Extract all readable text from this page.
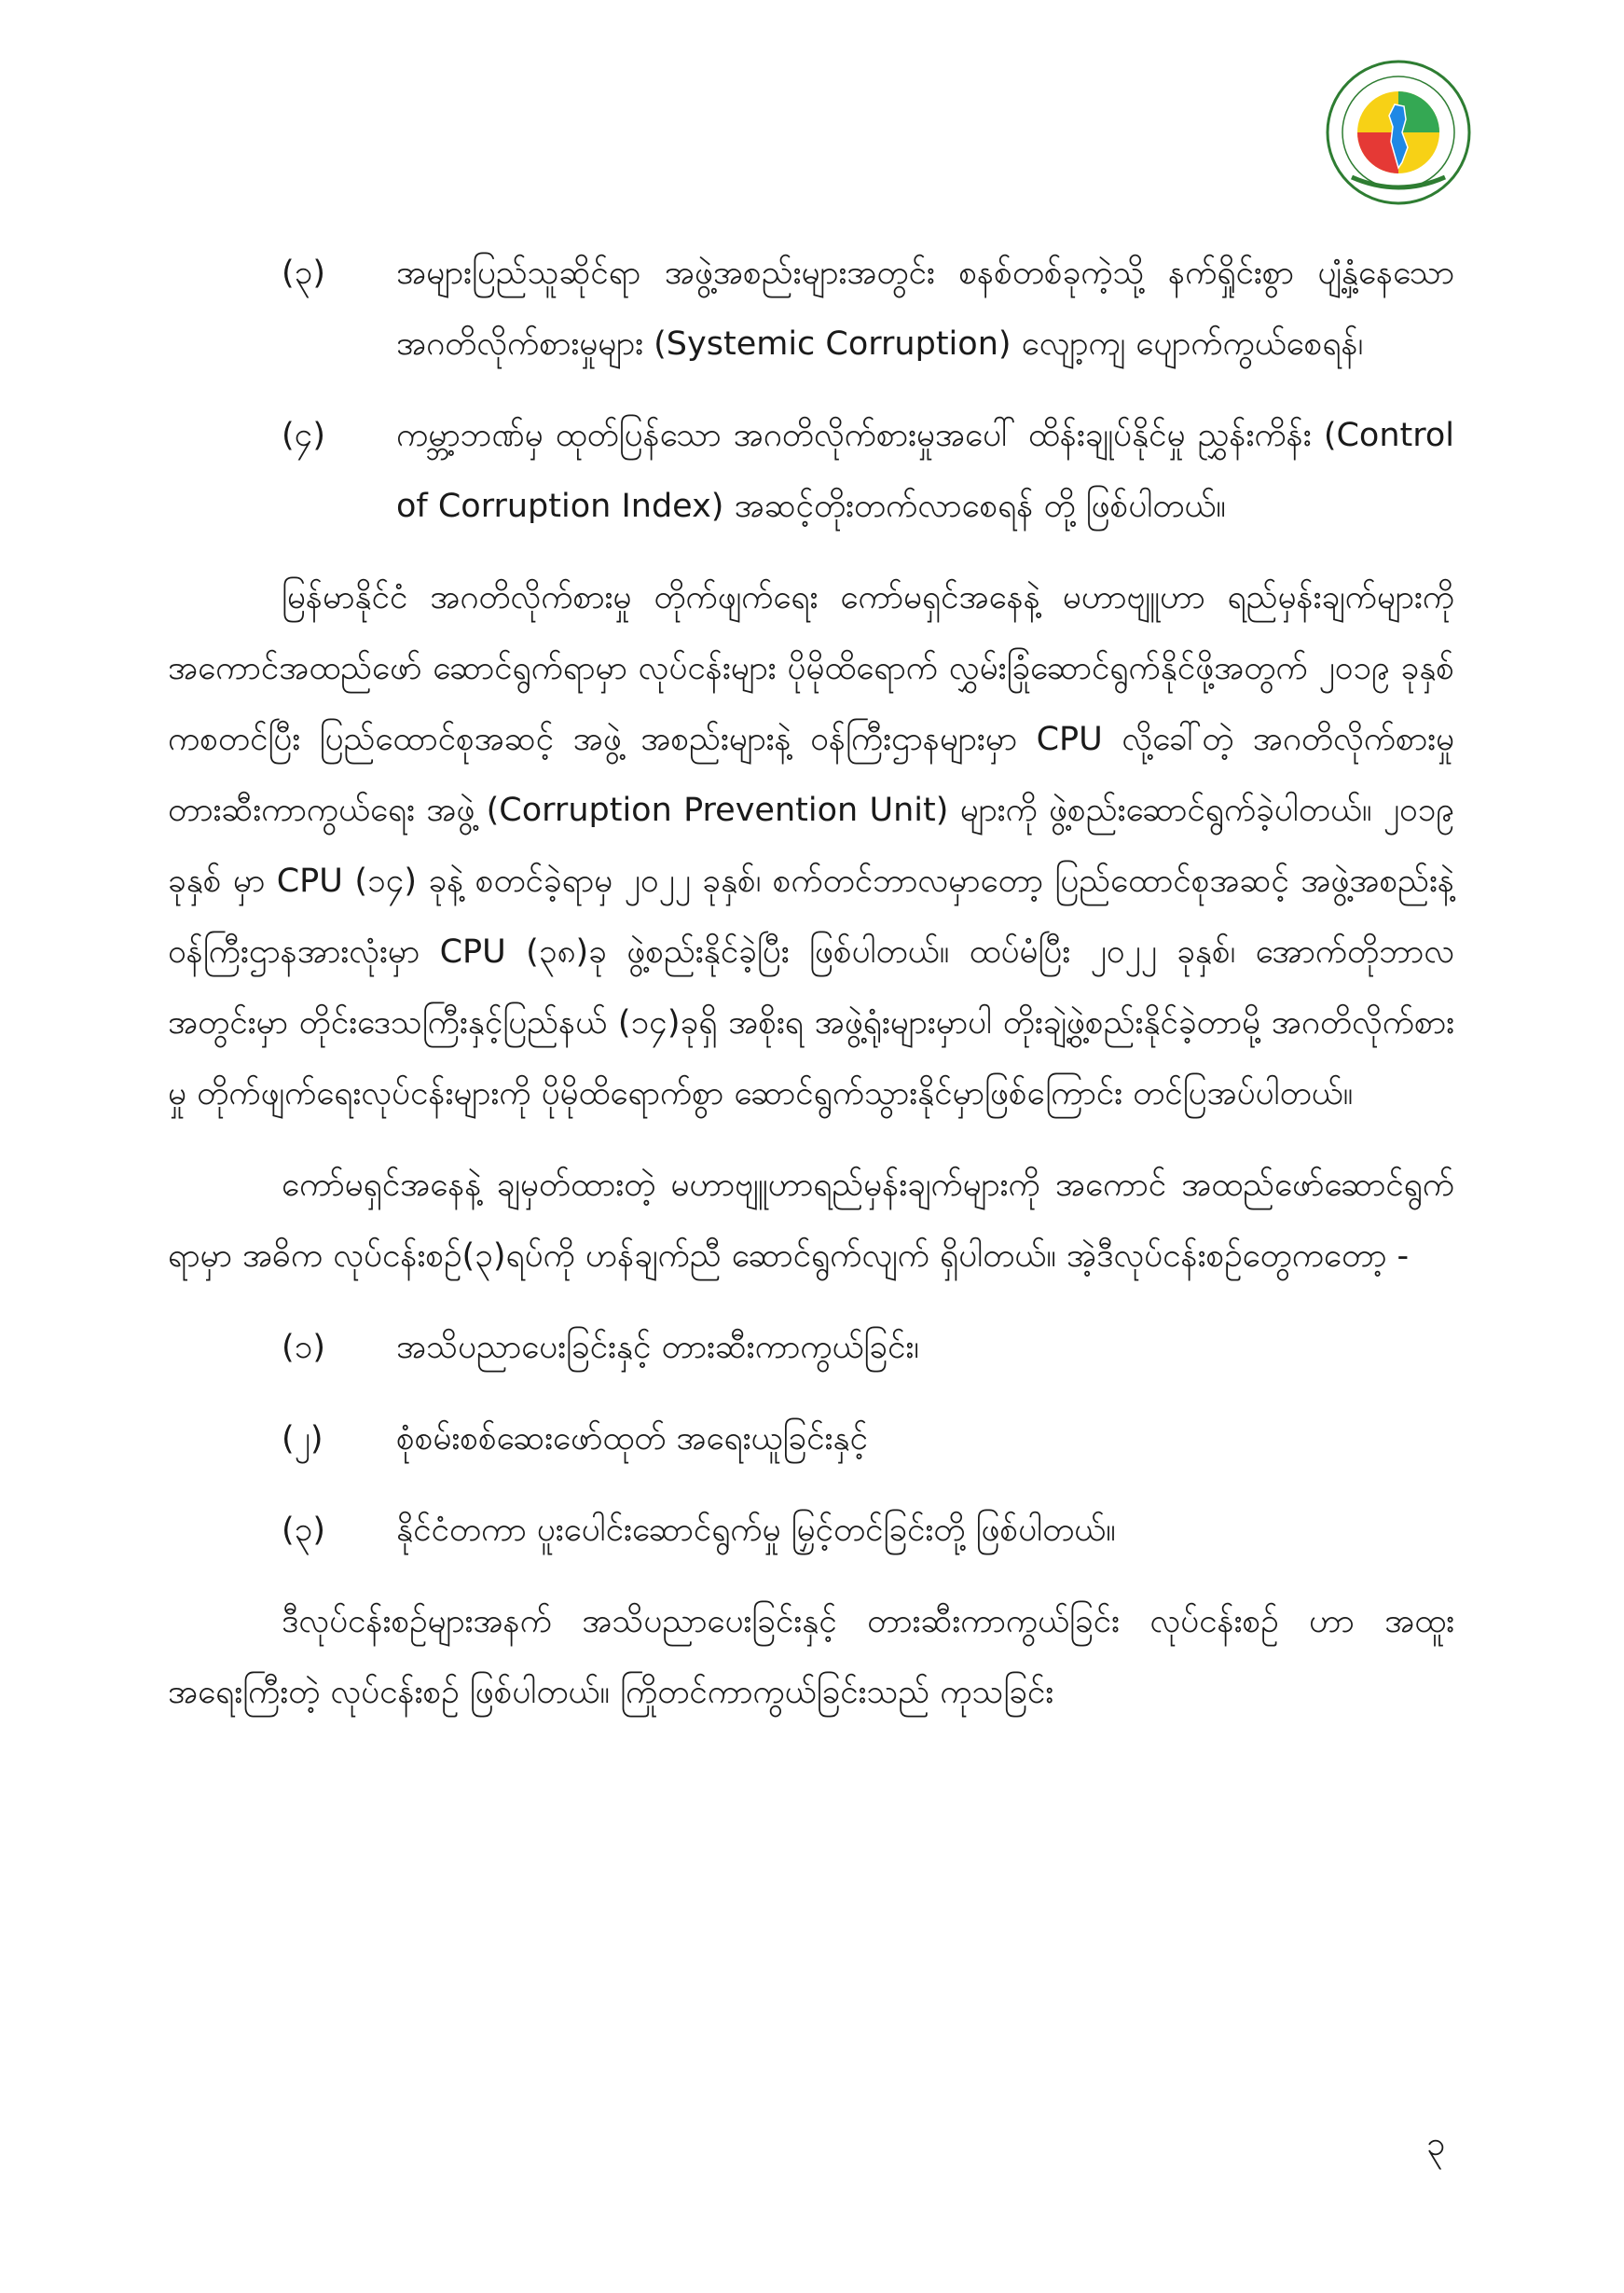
(၃) အများပြည်သူဆိုင်ရာ အဖွဲ့အစည်းများအတွင်း စနစ်တစ်ခုကဲ့သို့ နက်ရှိုင်းစွာ ပျံ့နှံ့နေသော အဂတိလိုက်စားမှုများ (Systemic Corruption) လျော့ကျ ပျောက်ကွယ်စေရန်၊
(၄) ကမ္ဘာ့ဘဏ်မှ ထုတ်ပြန်သော အဂတိလိုက်စားမှုအပေါ် ထိန်းချုပ်နိုင်မှု ညွှန်းကိန်း (Control of Corruption Index) အဆင့်တိုးတက်လာစေရန် တို့ ဖြစ်ပါတယ်။

မြန်မာနိုင်ငံ အဂတိလိုက်စားမှု တိုက်ဖျက်ရေး ကော်မရှင်အနေနဲ့ မဟာဗျူဟာ ရည်မှန်းချက်များကို အကောင်အထည်ဖော် ဆောင်ရွက်ရာမှာ လုပ်ငန်းများ ပိုမိုထိရောက် လွှမ်းခြုံဆောင်ရွက်နိုင်ဖို့အတွက် ၂၀၁၉ ခုနှစ်ကစတင်ပြီး ပြည်ထောင်စုအဆင့် အဖွဲ့ အစည်းများနဲ့ ဝန်ကြီးဌာနများမှာ CPU လို့ခေါ်တဲ့ အဂတိလိုက်စားမှု တားဆီးကာကွယ်ရေး အဖွဲ့ (Corruption Prevention Unit) များကို ဖွဲ့စည်းဆောင်ရွက်ခဲ့ပါတယ်။ ၂၀၁၉ ခုနှစ် မှာ CPU (၁၄) ခုနဲ့ စတင်ခဲ့ရာမှ ၂၀၂၂ ခုနှစ်၊ စက်တင်ဘာလမှာတော့ ပြည်ထောင်စုအဆင့် အဖွဲ့အစည်းနဲ့ ဝန်ကြီးဌာနအားလုံးမှာ CPU (၃၈)ခု ဖွဲ့စည်းနိုင်ခဲ့ပြီး ဖြစ်ပါတယ်။ ထပ်မံပြီး ၂၀၂၂ ခုနှစ်၊ အောက်တိုဘာလအတွင်းမှာ တိုင်းဒေသကြီးနှင့်ပြည်နယ် (၁၄)ခုရှိ အစိုးရ အဖွဲ့ရုံးများမှာပါ တိုးချဲ့ဖွဲ့စည်းနိုင်ခဲ့တာမို့ အဂတိလိုက်စားမှု တိုက်ဖျက်ရေးလုပ်ငန်းများကို ပိုမိုထိရောက်စွာ ဆောင်ရွက်သွားနိုင်မှာဖြစ်ကြောင်း တင်ပြအပ်ပါတယ်။

ကော်မရှင်အနေနဲ့ ချမှတ်ထားတဲ့ မဟာဗျူဟာရည်မှန်းချက်များကို အကောင် အထည်ဖော်ဆောင်ရွက်ရာမှာ အဓိက လုပ်ငန်းစဉ်(၃)ရပ်ကို ဟန်ချက်ညီ ဆောင်ရွက်လျက် ရှိပါတယ်။ အဲ့ဒီလုပ်ငန်းစဉ်တွေကတော့ -

(၁) အသိပညာပေးခြင်းနှင့် တားဆီးကာကွယ်ခြင်း၊
(၂) စုံစမ်းစစ်ဆေးဖော်ထုတ် အရေးယူခြင်းနှင့်
(၃) နိုင်ငံတကာ ပူးပေါင်းဆောင်ရွက်မှု မြှင့်တင်ခြင်းတို့ ဖြစ်ပါတယ်။

ဒီလုပ်ငန်းစဉ်များအနက် အသိပညာပေးခြင်းနှင့် တားဆီးကာကွယ်ခြင်း လုပ်ငန်းစဉ် ဟာ အထူးအရေးကြီးတဲ့ လုပ်ငန်းစဉ် ဖြစ်ပါတယ်။ ကြိုတင်ကာကွယ်ခြင်းသည် ကုသခြင်း

၃
